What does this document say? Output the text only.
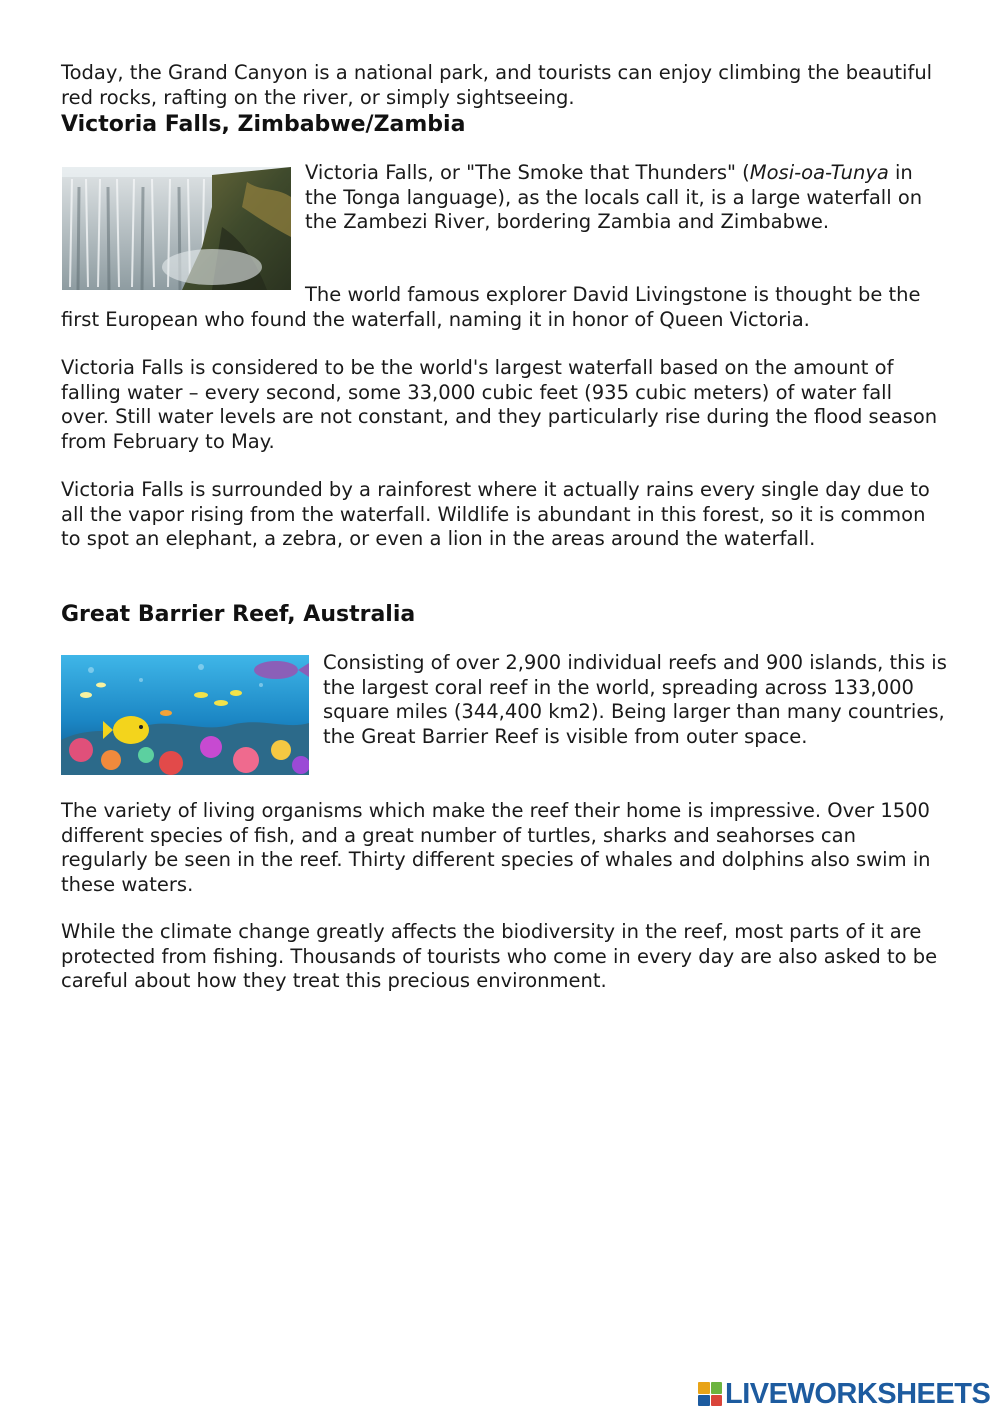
Today, the Grand Canyon is a national park, and tourists can enjoy climbing the beautiful red rocks, rafting on the river, or simply sightseeing.

Victoria Falls, Zimbabwe/Zambia

Victoria Falls, or "The Smoke that Thunders" (Mosi-oa-Tunya in the Tonga language), as the locals call it, is a large waterfall on the Zambezi River, bordering Zambia and Zimbabwe.

The world famous explorer David Livingstone is thought be the first European who found the waterfall, naming it in honor of Queen Victoria.

Victoria Falls is considered to be the world's largest waterfall based on the amount of falling water – every second, some 33,000 cubic feet (935 cubic meters) of water fall over. Still water levels are not constant, and they particularly rise during the flood season from February to May.

Victoria Falls is surrounded by a rainforest where it actually rains every single day due to all the vapor rising from the waterfall. Wildlife is abundant in this forest, so it is common to spot an elephant, a zebra, or even a lion in the areas around the waterfall.

Great Barrier Reef, Australia

Consisting of over 2,900 individual reefs and 900 islands, this is the largest coral reef in the world, spreading across 133,000 square miles (344,400 km2). Being larger than many countries, the Great Barrier Reef is visible from outer space.

The variety of living organisms which make the reef their home is impressive. Over 1500 different species of fish, and a great number of turtles, sharks and seahorses can regularly be seen in the reef. Thirty different species of whales and dolphins also swim in these waters.

While the climate change greatly affects the biodiversity in the reef, most parts of it are protected from fishing. Thousands of tourists who come in every day are also asked to be careful about how they treat this precious environment.

LIVEWORKSHEETS
